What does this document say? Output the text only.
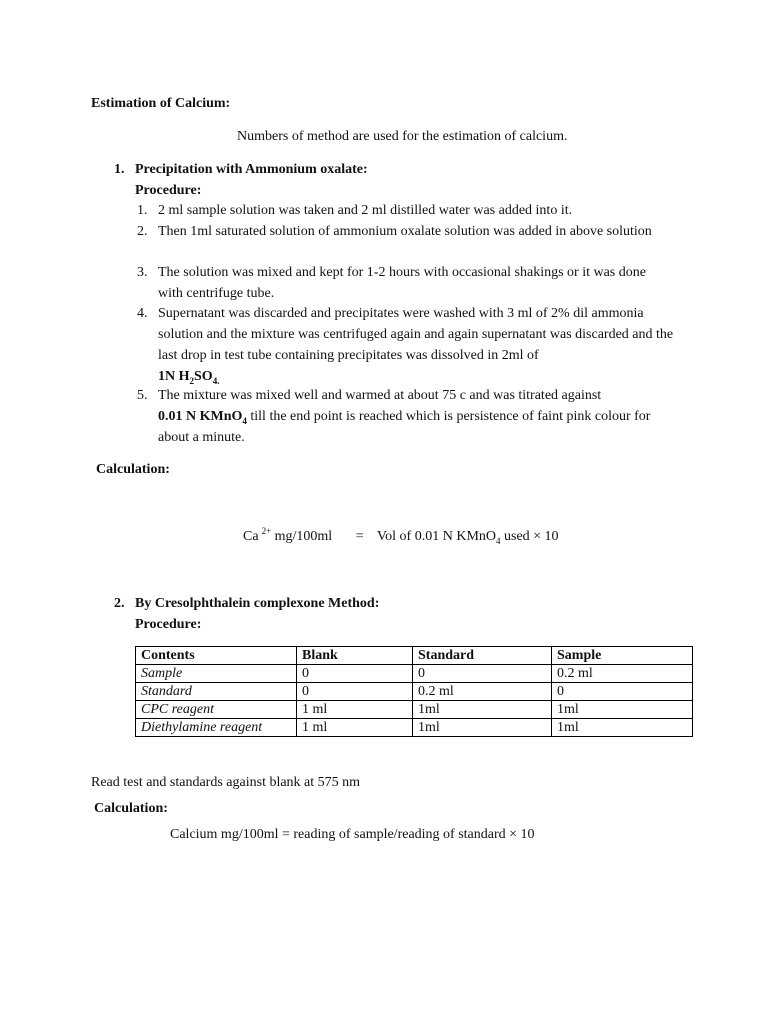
Estimation of Calcium:
Numbers of method are used for the estimation of calcium.
1. Precipitation with Ammonium oxalate:
Procedure:
1. 2 ml sample solution was taken and 2 ml distilled water was added into it.
2. Then 1ml saturated solution of ammonium oxalate solution was added in above solution
3. The solution was mixed and kept for 1-2 hours with occasional shakings or it was done with centrifuge tube.
4. Supernatant was discarded and precipitates were washed with 3 ml of 2% dil ammonia solution and the mixture was centrifuged again and again supernatant was discarded and the last drop in test tube containing precipitates was dissolved in 2ml of
1N $H_2SO_{4.}$
5. The mixture was mixed well and warmed at about 75 c and was titrated against
0.01 N KMnO$_4$ till the end point is reached which is persistence of faint pink colour for about a minute.
Calculation:
Ca $^{2+}$ mg/100ml = Vol of 0.01 N KMnO$_4$ used × 10
2. By Cresolphthalein complexone Method:
Procedure:
Contents	Blank	Standard	Sample
Sample	0	0	0.2 ml
Standard	0	0.2 ml	0
CPC reagent	1 ml	1ml	1ml
Diethylamine reagent	1 ml	1ml	1ml
Read test and standards against blank at 575 nm
Calculation:
Calcium mg/100ml = reading of sample/reading of standard × 10
